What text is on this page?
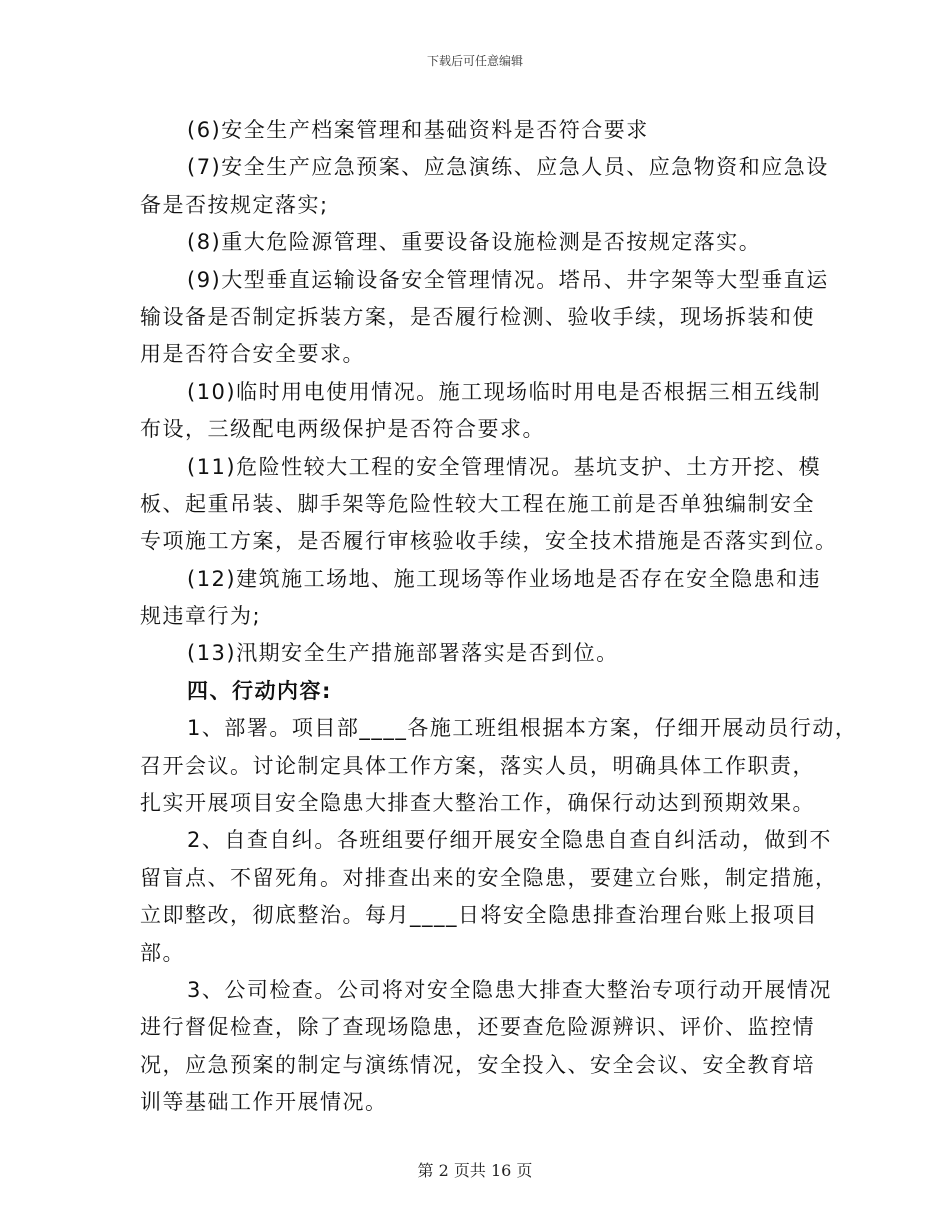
下载后可任意编辑
(6)安全生产档案管理和基础资料是否符合要求
(7)安全生产应急预案、应急演练、应急人员、应急物资和应急设
备是否按规定落实;
(8)重大危险源管理、重要设备设施检测是否按规定落实。
(9)大型垂直运输设备安全管理情况。塔吊、井字架等大型垂直运
输设备是否制定拆装方案，是否履行检测、验收手续，现场拆装和使
用是否符合安全要求。
(10)临时用电使用情况。施工现场临时用电是否根据三相五线制
布设，三级配电两级保护是否符合要求。
(11)危险性较大工程的安全管理情况。基坑支护、土方开挖、模
板、起重吊装、脚手架等危险性较大工程在施工前是否单独编制安全
专项施工方案，是否履行审核验收手续，安全技术措施是否落实到位。
(12)建筑施工场地、施工现场等作业场地是否存在安全隐患和违
规违章行为;
(13)汛期安全生产措施部署落实是否到位。
四、行动内容:
1、部署。项目部____各施工班组根据本方案，仔细开展动员行动，
召开会议。讨论制定具体工作方案，落实人员，明确具体工作职责，
扎实开展项目安全隐患大排查大整治工作，确保行动达到预期效果。
2、自查自纠。各班组要仔细开展安全隐患自查自纠活动，做到不
留盲点、不留死角。对排查出来的安全隐患，要建立台账，制定措施，
立即整改，彻底整治。每月____日将安全隐患排查治理台账上报项目
部。
3、公司检查。公司将对安全隐患大排查大整治专项行动开展情况
进行督促检查，除了查现场隐患，还要查危险源辨识、评价、监控情
况，应急预案的制定与演练情况，安全投入、安全会议、安全教育培
训等基础工作开展情况。
第 2 页共 16 页
